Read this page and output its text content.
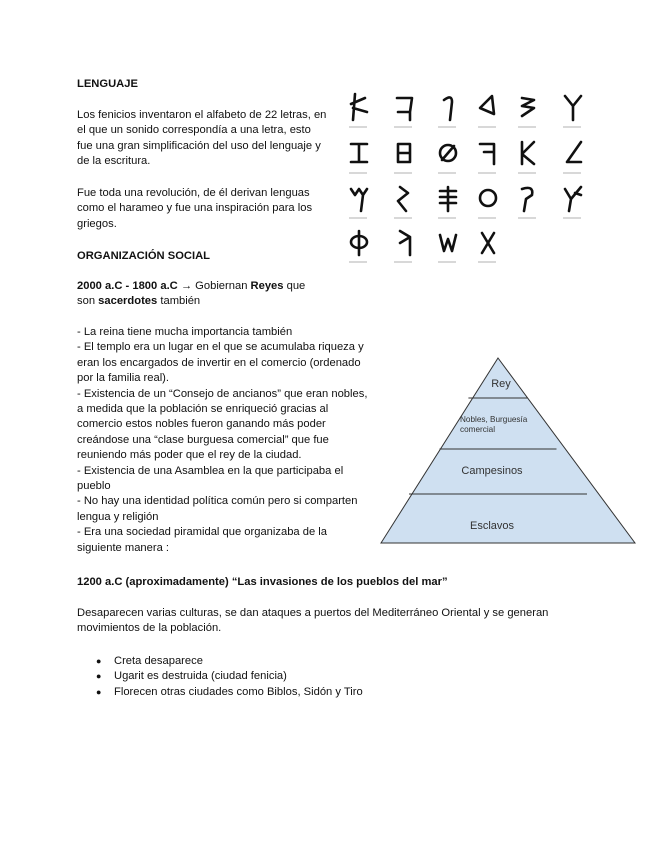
LENGUAJE
Los fenicios inventaron el alfabeto de 22 letras, en el que un sonido correspondía a una letra, esto fue una gran simplificación del uso del lenguaje y de la escritura.
Fue toda una revolución, de él derivan lenguas como el harameo y fue una inspiración para los griegos.
ORGANIZACIÓN SOCIAL
2000 a.C - 1800 a.C → Gobiernan Reyes que
son sacerdotes también
- La reina tiene mucha importancia también
- El templo era un lugar en el que se acumulaba riqueza y eran los encargados de invertir en el comercio (ordenado por la familia real).
- Existencia de un “Consejo de ancianos” que eran nobles, a medida que la población se enriqueció gracias al comercio estos nobles fueron ganando más poder creándose una “clase burguesa comercial” que fue reuniendo más poder que el rey de la ciudad.
- Existencia de una Asamblea en la que participaba el pueblo
- No hay una identidad política común pero si comparten lengua y religión
- Era una sociedad piramidal que organizaba de la siguiente manera :
Rey
Nobles, Burguesía comercial
Campesinos
Esclavos
1200 a.C (aproximadamente) “Las invasiones de los pueblos del mar”
Desaparecen varias culturas, se dan ataques a puertos del Mediterráneo Oriental y se generan movimientos de la población.
●	Creta desaparece
●	Ugarit es destruida (ciudad fenicia)
●	Florecen otras ciudades como Biblos, Sidón y Tiro
